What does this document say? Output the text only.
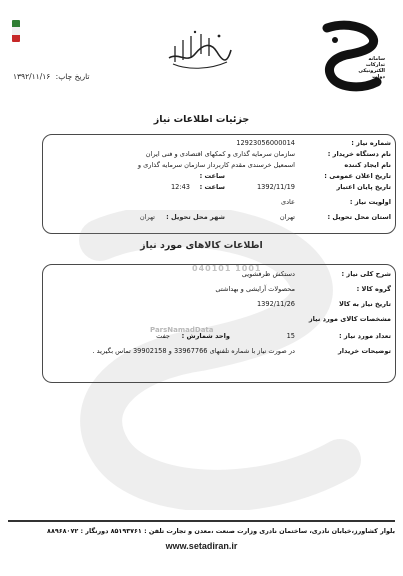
سامانه
تدارکات
الکترونیکی
دولت
تاریخ چاپ: ۱۳۹۲/۱۱/۱۶
جزئیات اطلاعات نیاز
شماره نیاز :
12923056000014
نام دستگاه خریدار :
سازمان سرمایه گذاری و کمکهای اقتصادی و فنی ایران
نام ایجاد کننده
اسمعیل خرسندی مقدم کاربرداز سازمان سرمایه گذاری و
تاریخ اعلان عمومی :
ساعت :
تاریخ پایان اعتبار
1392/11/19
ساعت :
12:43
اولویت نیاز :
عادی
استان محل تحویل :
تهران
شهر محل تحویل :
تهران
اطلاعات کالاهای مورد نیاز
040101 1001
ParsNamadData
شرح کلی نیاز :
دستکش ظرفشویی
گروه کالا :
محصولات آرایشی و بهداشتی
تاریخ نیاز به کالا
1392/11/26
مشخصات کالای مورد نیاز
تعداد مورد نیاز :
15
واحد شمارش :
جفت
توضیحات خریدار
در صورت نیاز با شماره تلفنهای 33967766 و 39902158 تماس بگیرید .
بلوار کشاورز،خیابان نادری، ساختمان نادری وزارت صنعت ،معدن و تجارت تلفن : ۸۵۱۹۳۷۶۱ دورنگار : ۸۸۹۶۸۰۷۲
www.setadiran.ir
